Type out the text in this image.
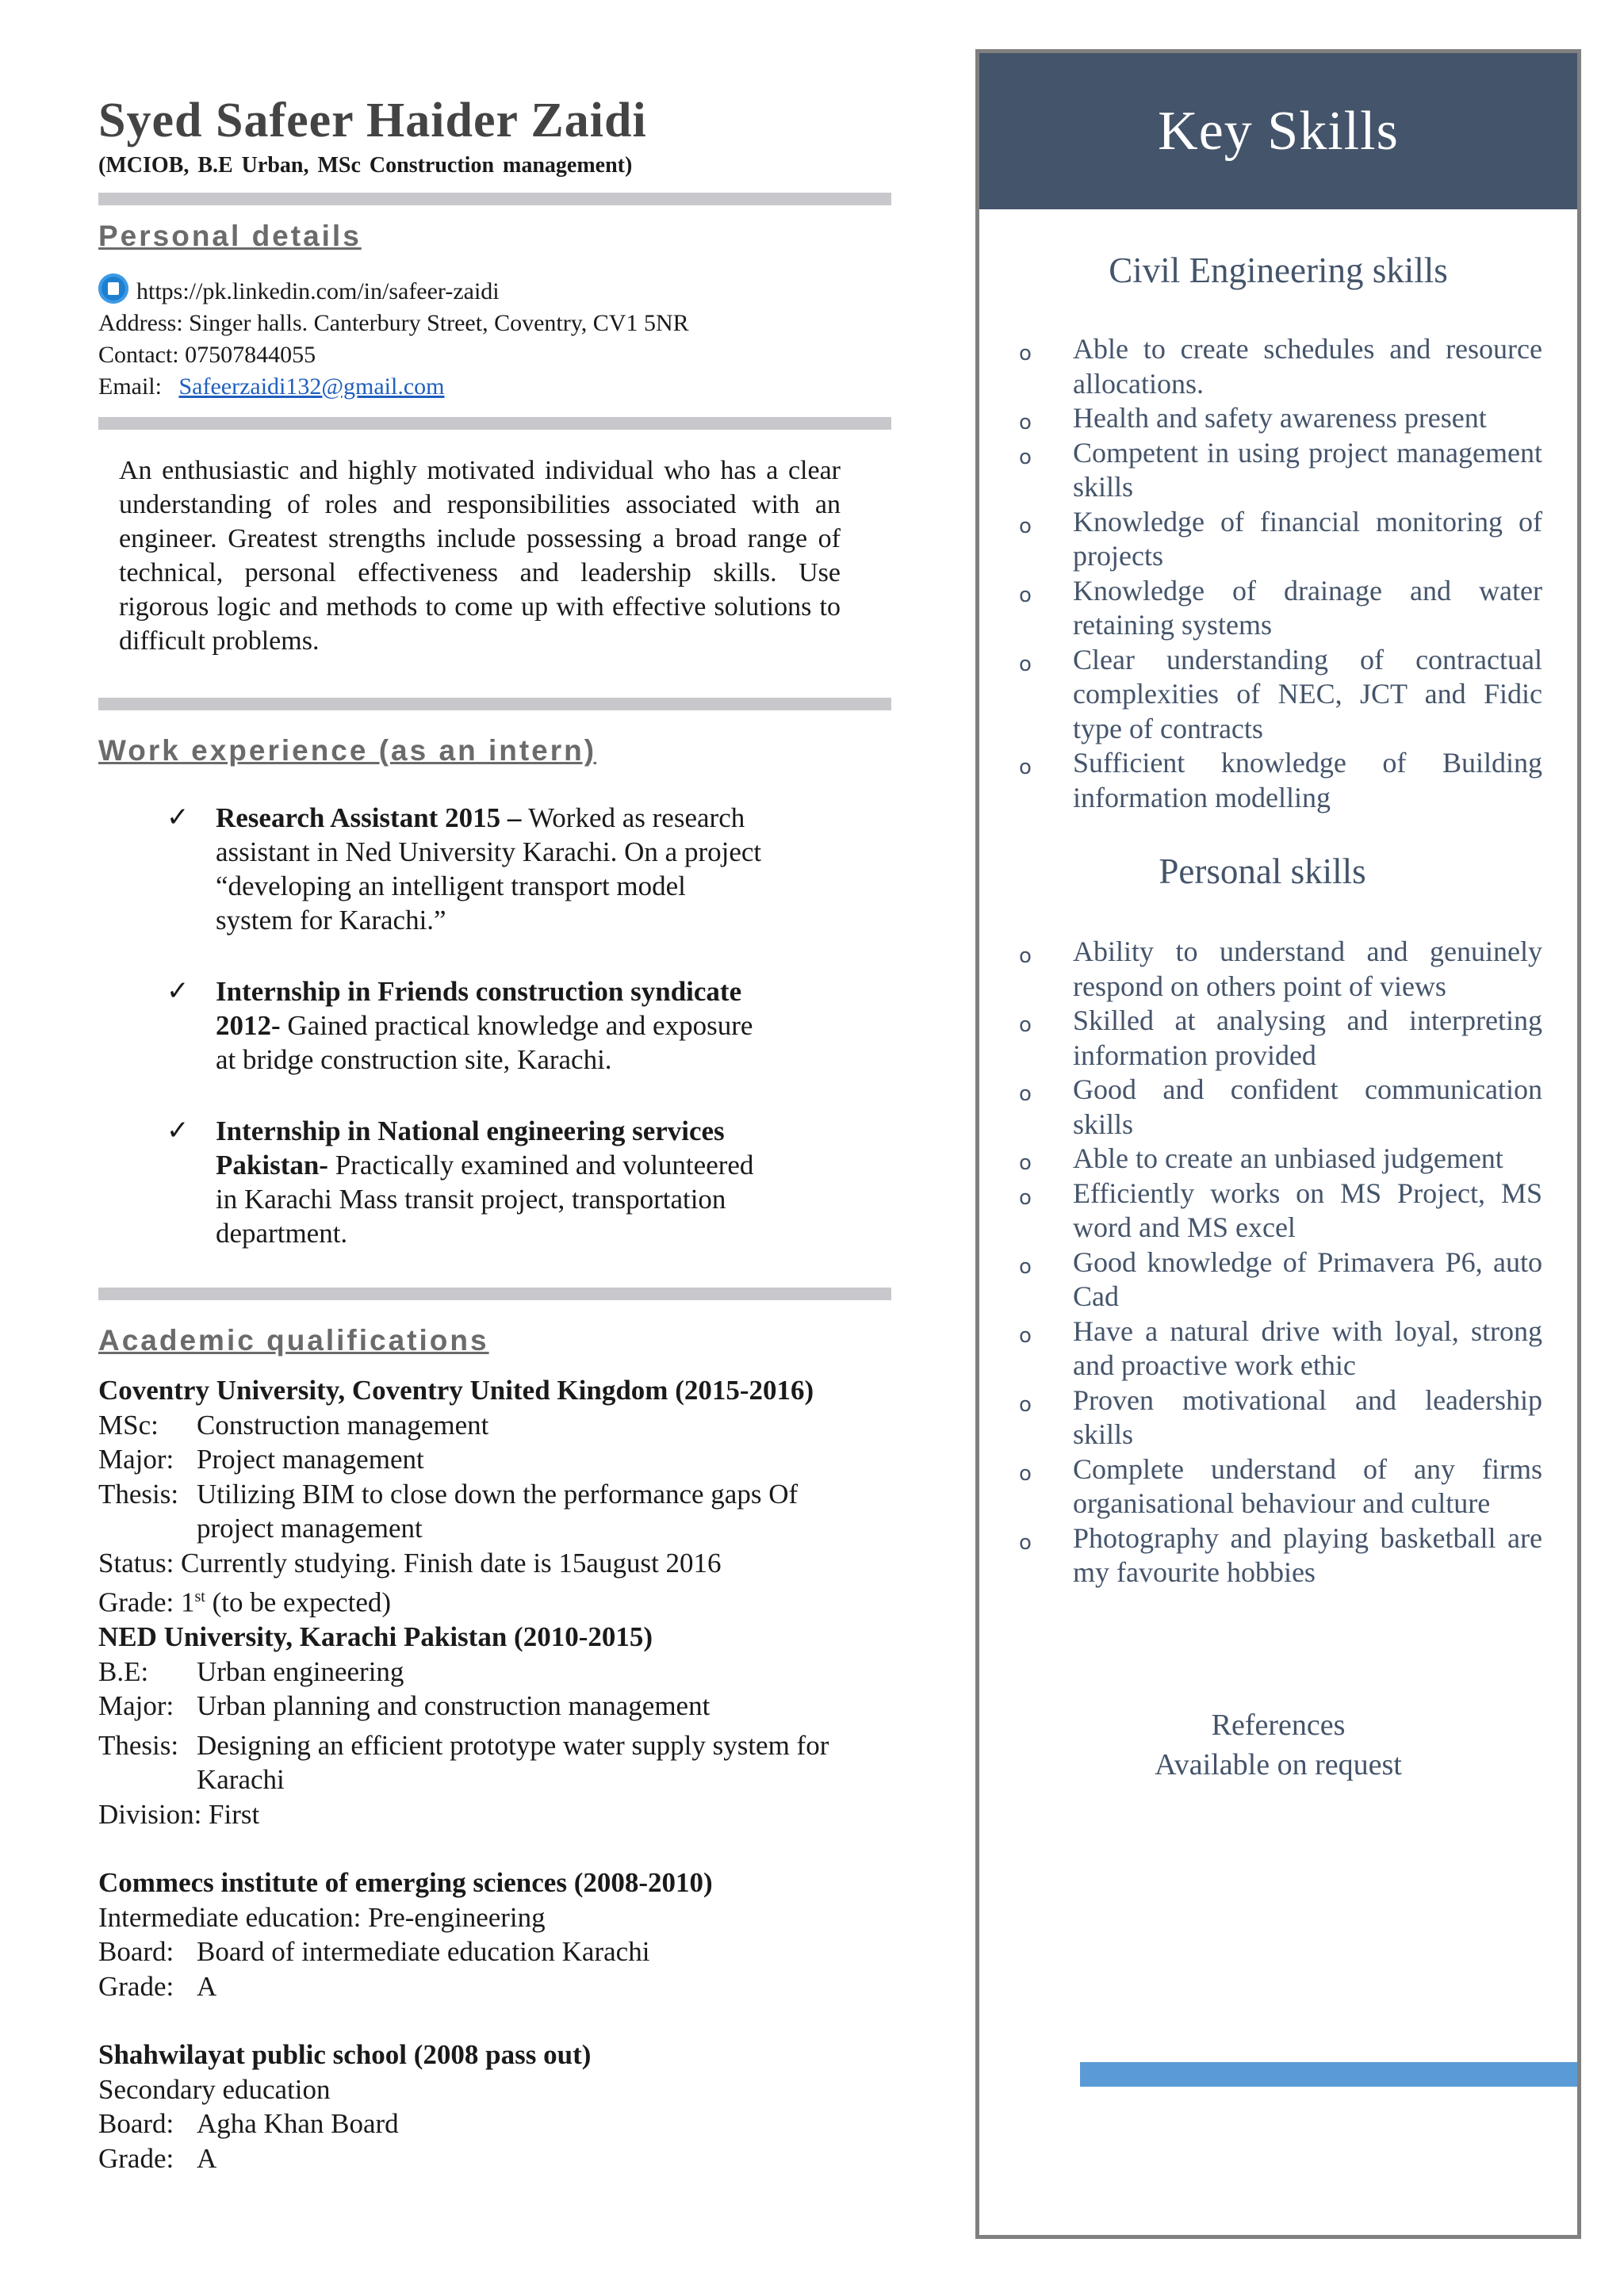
Syed Safeer Haider Zaidi
(MCIOB, B.E Urban, MSc Construction management)
Personal details
https://pk.linkedin.com/in/safeer-zaidi
Address: Singer halls. Canterbury Street, Coventry, CV1 5NR
Contact: 07507844055
Email: Safeerzaidi132@gmail.com

An enthusiastic and highly motivated individual who has a clear understanding of roles and responsibilities associated with an engineer. Greatest strengths include possessing a broad range of technical, personal effectiveness and leadership skills. Use rigorous logic and methods to come up with effective solutions to difficult problems.

Work experience (as an intern)
✓ Research Assistant 2015 – Worked as research assistant in Ned University Karachi. On a project “developing an intelligent transport model system for Karachi.”
✓ Internship in Friends construction syndicate 2012- Gained practical knowledge and exposure at bridge construction site, Karachi.
✓ Internship in National engineering services Pakistan- Practically examined and volunteered in Karachi Mass transit project, transportation department.
Academic qualifications
Coventry University, Coventry United Kingdom (2015-2016)
MSc:	Construction management
Major: Project management
Thesis: Utilizing BIM to close down the performance gaps Of project management
Status: Currently studying. Finish date is 15august 2016
Grade: 1st (to be expected)
NED University, Karachi Pakistan (2010-2015)
B.E:	Urban engineering
Major: Urban planning and construction management
Thesis: Designing an efficient prototype water supply system for Karachi
Division: First
Commecs institute of emerging sciences (2008-2010)
Intermediate education: Pre-engineering
Board: Board of intermediate education Karachi
Grade: A
Shahwilayat public school (2008 pass out)
Secondary education
Board: Agha Khan Board
Grade: A
Key Skills
Civil Engineering skills
o Able to create schedules and resource allocations.
o Health and safety awareness present
o Competent in using project management skills
o Knowledge of financial monitoring of projects
o Knowledge of drainage and water retaining systems
o Clear understanding of contractual complexities of NEC, JCT and Fidic type of contracts
o Sufficient knowledge of Building information modelling
Personal skills
o Ability to understand and genuinely respond on others point of views
o Skilled at analysing and interpreting information provided
o Good and confident communication skills
o Able to create an unbiased judgement
o Efficiently works on MS Project, MS word and MS excel
o Good knowledge of Primavera P6, auto Cad
o Have a natural drive with loyal, strong and proactive work ethic
o Proven motivational and leadership skills
o Complete understand of any firms organisational behaviour and culture
o Photography and playing basketball are my favourite hobbies
References
Available on request
